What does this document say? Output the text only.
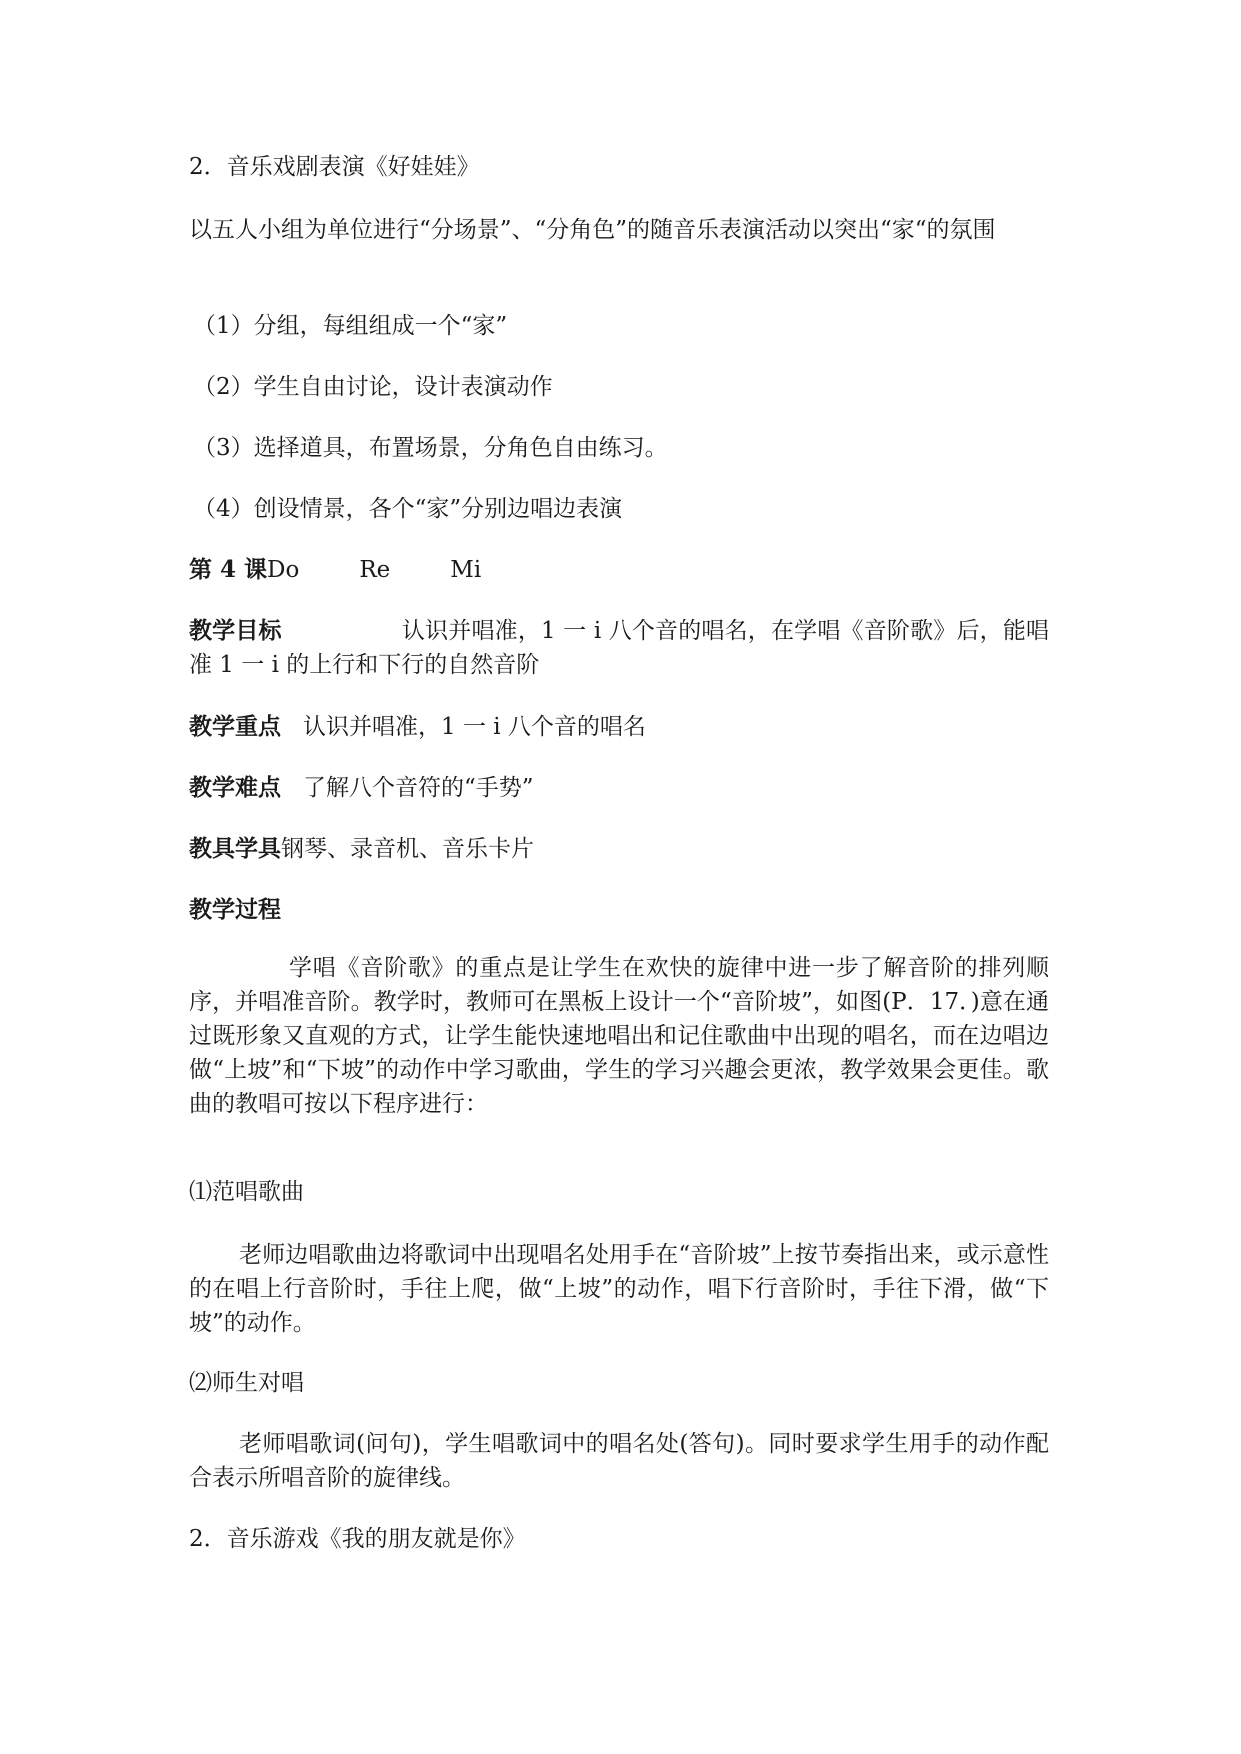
2．音乐戏剧表演《好娃娃》
以五人小组为单位进行“分场景”、“分角色”的随音乐表演活动以突出“家“的氛围
（1）分组，每组组成一个“家”
（2）学生自由讨论，设计表演动作
（3）选择道具，布置场景，分角色自由练习。
（4）创设情景，各个“家”分别边唱边表演
第 4 课Do	Re	Mi
教学目标	认识并唱准，1 一 i 八个音的唱名，在学唱《音阶歌》后，能唱准 1 一 i 的上行和下行的自然音阶
教学重点 认识并唱准，1 一 i 八个音的唱名
教学难点 了解八个音符的“手势”
教具学具钢琴、录音机、音乐卡片
教学过程
学唱《音阶歌》的重点是让学生在欢快的旋律中进一步了解音阶的排列顺序，并唱准音阶。教学时，教师可在黑板上设计一个“音阶坡”，如图(P．17．)意在通过既形象又直观的方式，让学生能快速地唱出和记住歌曲中出现的唱名，而在边唱边做“上坡”和“下坡”的动作中学习歌曲，学生的学习兴趣会更浓，教学效果会更佳。歌曲的教唱可按以下程序进行：
⑴范唱歌曲
老师边唱歌曲边将歌词中出现唱名处用手在“音阶坡”上按节奏指出来，或示意性的在唱上行音阶时，手往上爬，做“上坡”的动作，唱下行音阶时，手往下滑，做“下坡”的动作。
⑵师生对唱
老师唱歌词(问句)，学生唱歌词中的唱名处(答句)。同时要求学生用手的动作配合表示所唱音阶的旋律线。
2．音乐游戏《我的朋友就是你》
